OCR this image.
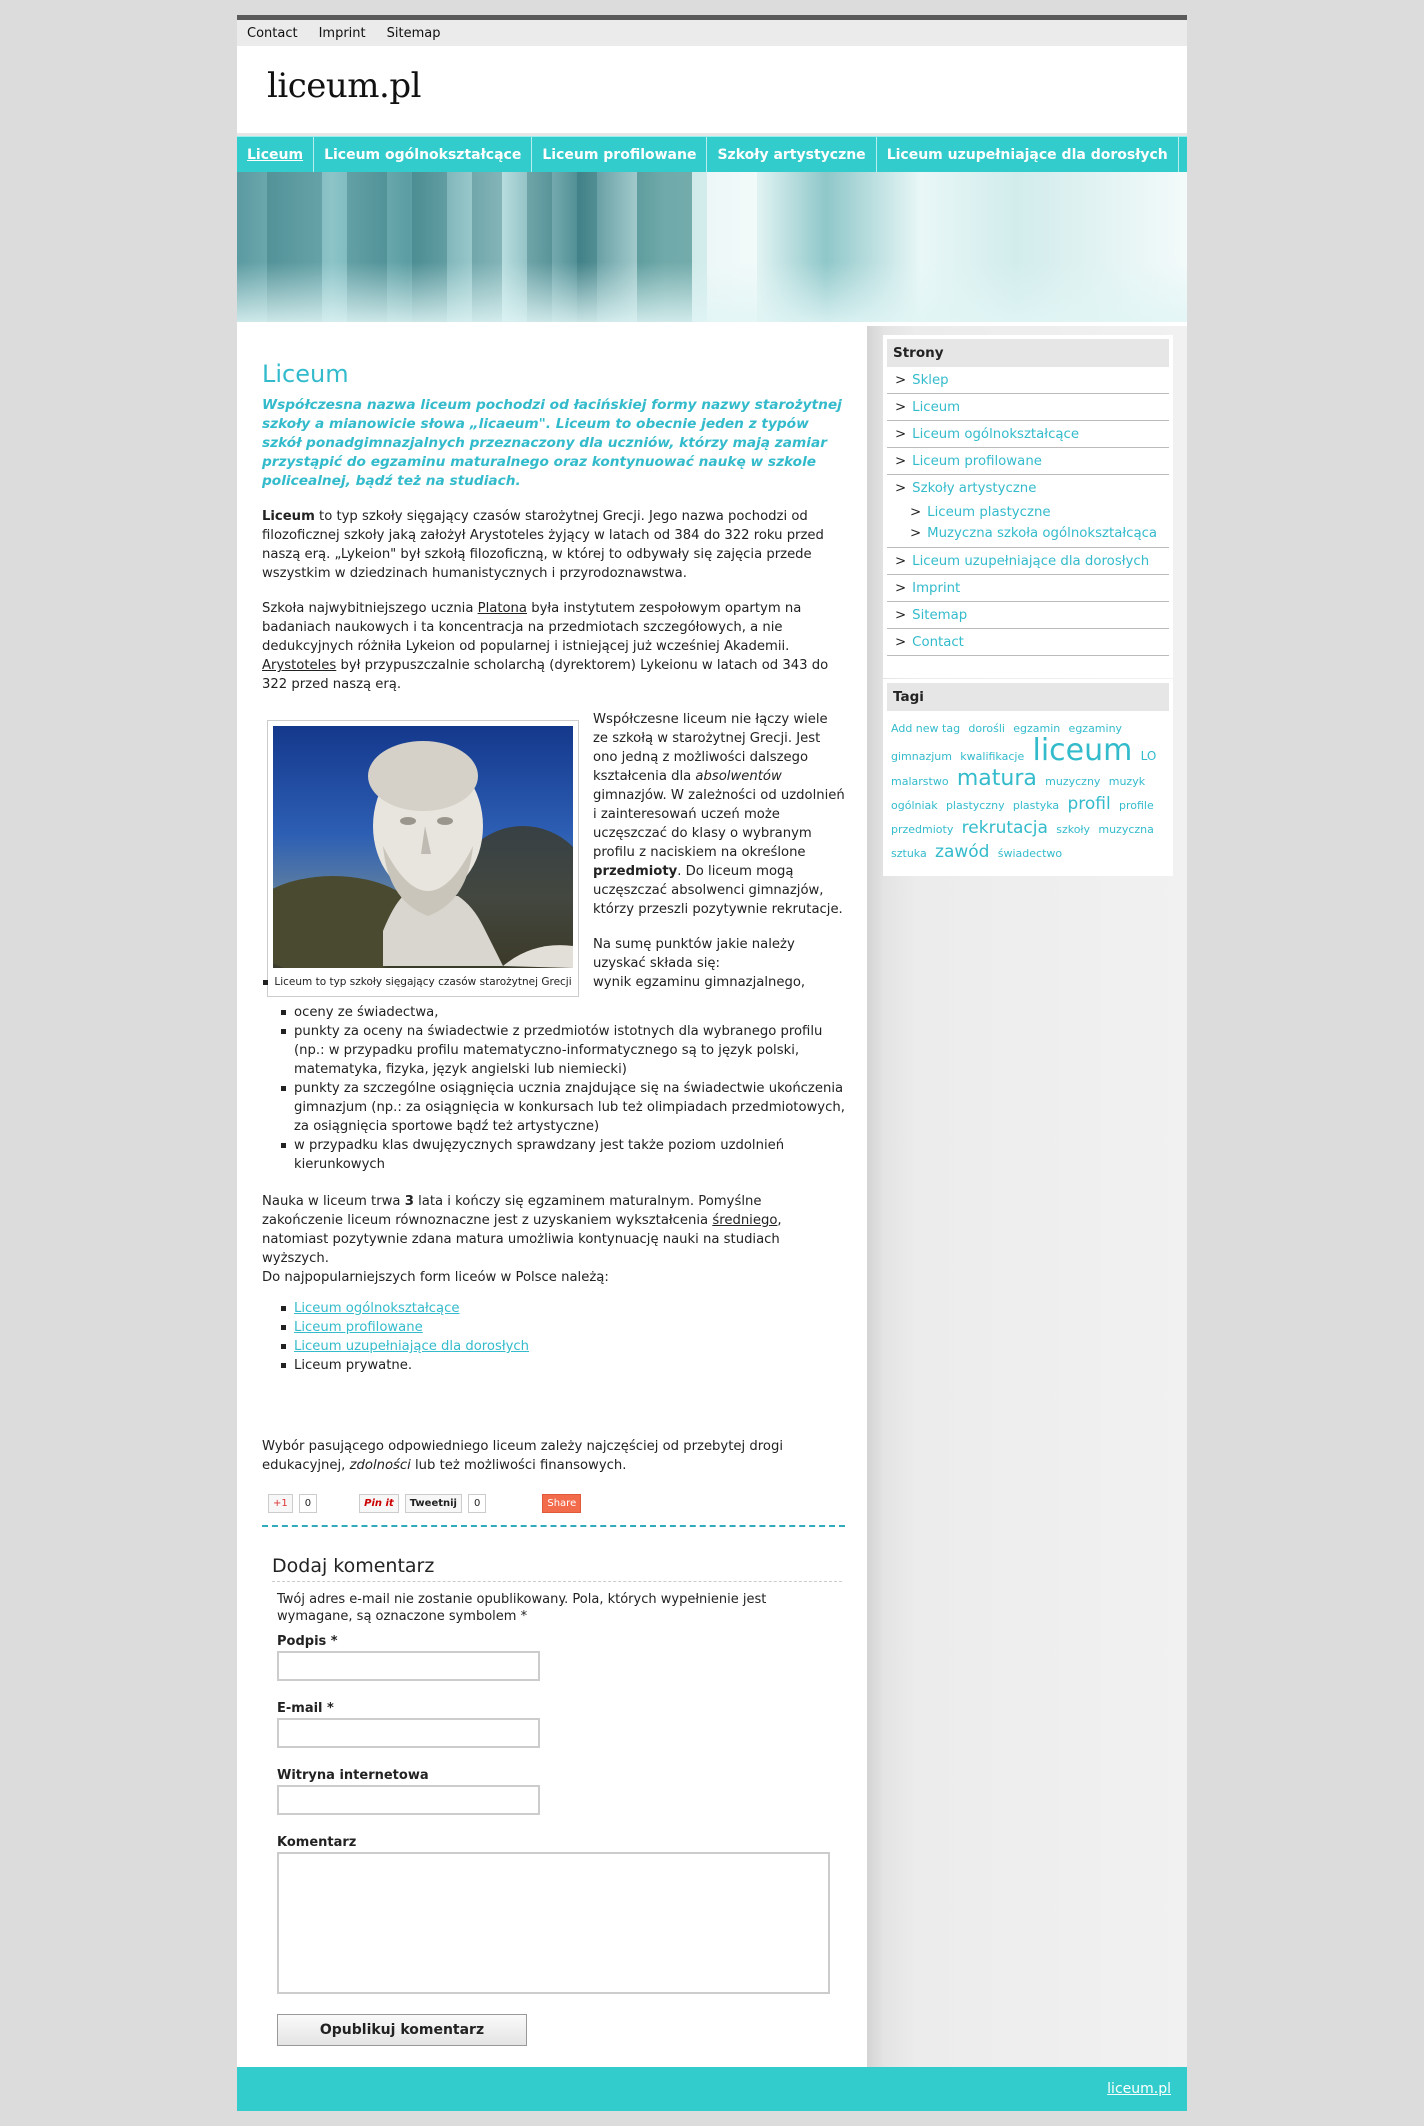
Contact Imprint Sitemap
liceum.pl
Liceum	Liceum ogólnokształcące	Liceum profilowane	Szkoły artystyczne	Liceum uzupełniające dla dorosłych
Liceum

Współczesna nazwa liceum pochodzi od łacińskiej formy nazwy starożytnej szkoły a mianowicie słowa „licaeum". Liceum to obecnie jeden z typów szkół ponadgimnazjalnych przeznaczony dla uczniów, którzy mają zamiar przystąpić do egzaminu maturalnego oraz kontynuować naukę w szkole policealnej, bądź też na studiach.

Liceum to typ szkoły sięgający czasów starożytnej Grecji. Jego nazwa pochodzi od filozoficznej szkoły jaką założył Arystoteles żyjący w latach od 384 do 322 roku przed naszą erą. „Lykeion" był szkołą filozoficzną, w której to odbywały się zajęcia przede wszystkim w dziedzinach humanistycznych i przyrodoznawstwa.

Szkoła najwybitniejszego ucznia Platona była instytutem zespołowym opartym na badaniach naukowych i ta koncentracja na przedmiotach szczegółowych, a nie dedukcyjnych różniła Lykeion od popularnej i istniejącej już wcześniej Akademii. Arystoteles był przypuszczalnie scholarchą (dyrektorem) Lykeionu w latach od 343 do 322 przed naszą erą.

Liceum to typ szkoły sięgający czasów starożytnej Grecji

Współczesne liceum nie łączy wiele ze szkołą w starożytnej Grecji. Jest ono jedną z możliwości dalszego kształcenia dla absolwentów gimnazjów. W zależności od uzdolnień i zainteresowań uczeń może uczęszczać do klasy o wybranym profilu z naciskiem na określone przedmioty. Do liceum mogą uczęszczać absolwenci gimnazjów, którzy przeszli pozytywnie rekrutacje.

Na sumę punktów jakie należy uzyskać składa się:

wynik egzaminu gimnazjalnego,
oceny ze świadectwa,
punkty za oceny na świadectwie z przedmiotów istotnych dla wybranego profilu (np.: w przypadku profilu matematyczno-informatycznego są to język polski, matematyka, fizyka, język angielski lub niemiecki)
punkty za szczególne osiągnięcia ucznia znajdujące się na świadectwie ukończenia gimnazjum (np.: za osiągnięcia w konkursach lub też olimpiadach przedmiotowych, za osiągnięcia sportowe bądź też artystyczne)
w przypadku klas dwujęzycznych sprawdzany jest także poziom uzdolnień kierunkowych

Nauka w liceum trwa 3 lata i kończy się egzaminem maturalnym. Pomyślne zakończenie liceum równoznaczne jest z uzyskaniem wykształcenia średniego, natomiast pozytywnie zdana matura umożliwia kontynuację nauki na studiach wyższych.
Do najpopularniejszych form liceów w Polsce należą:

Liceum ogólnokształcące
Liceum profilowane
Liceum uzupełniające dla dorosłych
Liceum prywatne.

Wybór pasującego odpowiedniego liceum zależy najczęściej od przebytej drogi edukacyjnej, zdolności lub też możliwości finansowych.

+1	0	Pin it	Tweetnij	0	Share
Dodaj komentarz
Twój adres e-mail nie zostanie opublikowany. Pola, których wypełnienie jest wymagane, są oznaczone symbolem *
Podpis *
E-mail *
Witryna internetowa
Komentarz
Opublikuj komentarz
Strony
> Sklep
> Liceum
> Liceum ogólnokształcące
> Liceum profilowane
> Szkoły artystyczne
> Liceum plastyczne
> Muzyczna szkoła ogólnokształcąca
> Liceum uzupełniające dla dorosłych
> Imprint
> Sitemap
> Contact
Tagi
Add new tag dorośli egzamin egzaminy gimnazjum kwalifikacje liceum LO malarstwo matura muzyczny muzyk ogólniak plastyczny plastyka profil profile przedmioty rekrutacja szkoły muzyczna sztuka zawód świadectwo
liceum.pl
